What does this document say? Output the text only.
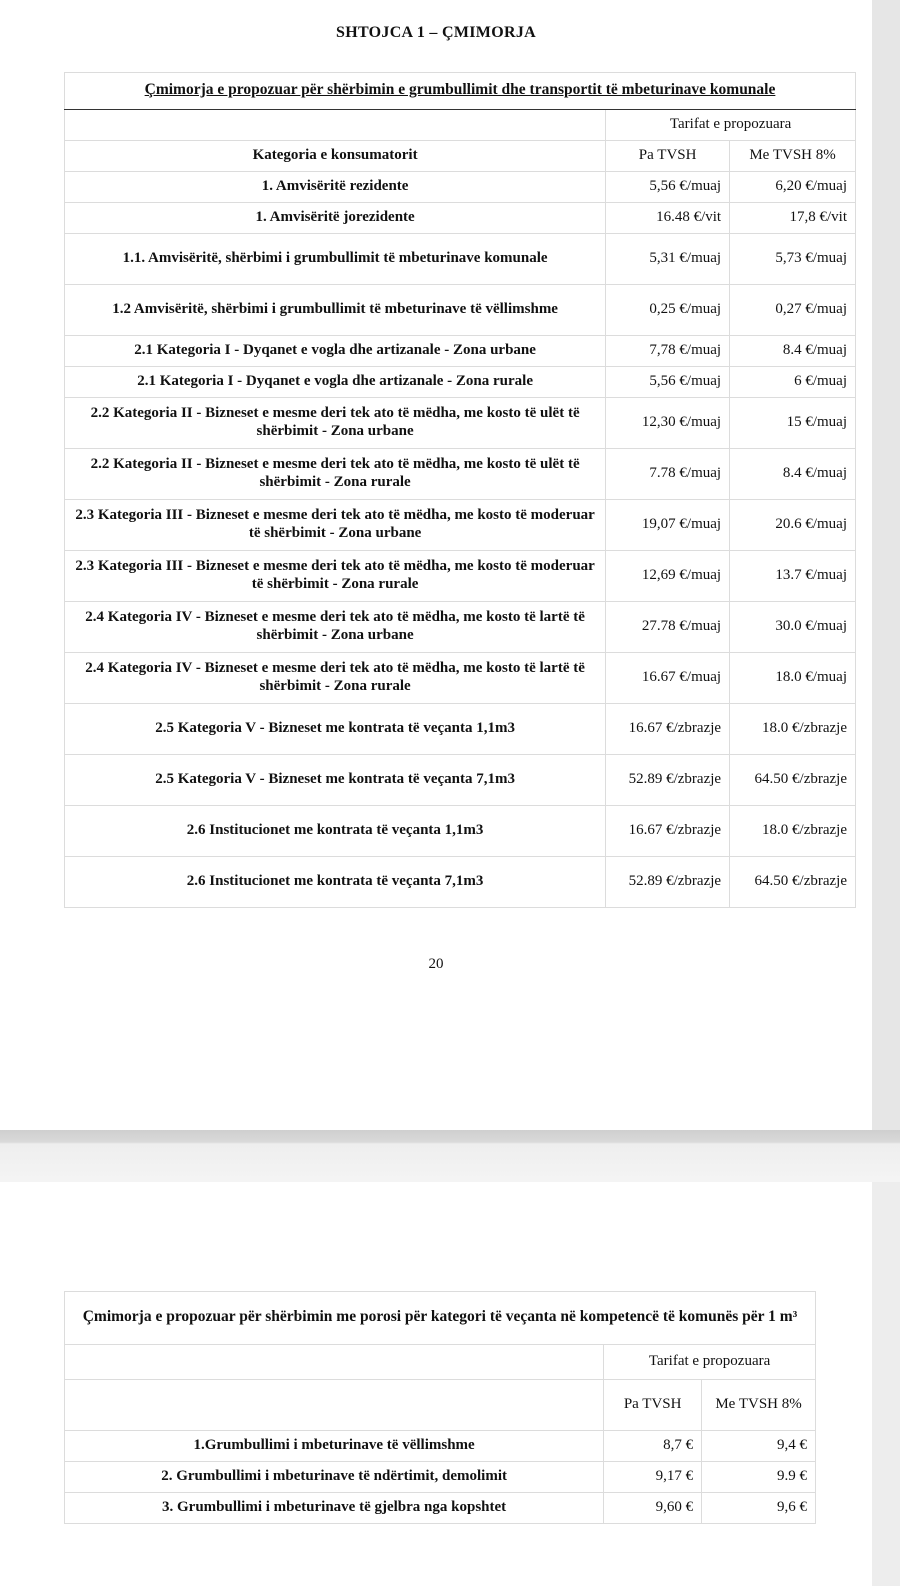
SHTOJCA 1 – ÇMIMORJA
Çmimorja e propozuar për shërbimin e grumbullimit dhe transportit të mbeturinave komunale		
	Tarifat e propozuara	
Kategoria e konsumatorit	Pa TVSH	Me TVSH 8%
1. Amvisëritë rezidente	5,56 €/muaj	6,20 €/muaj
1. Amvisëritë jorezidente	16.48 €/vit	17,8 €/vit
1.1. Amvisëritë, shërbimi i grumbullimit të mbeturinave komunale	5,31 €/muaj	5,73 €/muaj
1.2 Amvisëritë, shërbimi i grumbullimit të mbeturinave të vëllimshme	0,25 €/muaj	0,27 €/muaj
2.1 Kategoria I - Dyqanet e vogla dhe artizanale - Zona urbane	7,78 €/muaj	8.4 €/muaj
2.1 Kategoria I - Dyqanet e vogla dhe artizanale - Zona rurale	5,56 €/muaj	6 €/muaj
2.2 Kategoria II - Bizneset e mesme deri tek ato të mëdha, me kosto të ulët të shërbimit - Zona urbane	12,30 €/muaj	15 €/muaj
2.2 Kategoria II - Bizneset e mesme deri tek ato të mëdha, me kosto të ulët të shërbimit - Zona rurale	7.78 €/muaj	8.4 €/muaj
2.3 Kategoria III - Bizneset e mesme deri tek ato të mëdha, me kosto të moderuar të shërbimit - Zona urbane	19,07 €/muaj	20.6 €/muaj
2.3 Kategoria III - Bizneset e mesme deri tek ato të mëdha, me kosto të moderuar të shërbimit - Zona rurale	12,69 €/muaj	13.7 €/muaj
2.4 Kategoria IV - Bizneset e mesme deri tek ato të mëdha, me kosto të lartë të shërbimit - Zona urbane	27.78 €/muaj	30.0 €/muaj
2.4 Kategoria IV - Bizneset e mesme deri tek ato të mëdha, me kosto të lartë të shërbimit - Zona rurale	16.67 €/muaj	18.0 €/muaj
2.5 Kategoria V - Bizneset me kontrata të veçanta 1,1m3	16.67 €/zbrazje	18.0 €/zbrazje
2.5 Kategoria V - Bizneset me kontrata të veçanta 7,1m3	52.89 €/zbrazje	64.50 €/zbrazje
2.6 Institucionet me kontrata të veçanta 1,1m3	16.67 €/zbrazje	18.0 €/zbrazje
2.6 Institucionet me kontrata të veçanta 7,1m3	52.89 €/zbrazje	64.50 €/zbrazje
20
Çmimorja e propozuar për shërbimin me porosi për kategori të veçanta në kompetencë të komunës për 1 m³		
	Tarifat e propozuara	
	Pa TVSH	Me TVSH 8%
1.Grumbullimi i mbeturinave të vëllimshme	8,7 €	9,4 €
2. Grumbullimi i mbeturinave të ndërtimit, demolimit	9,17 €	9.9 €
3. Grumbullimi i mbeturinave të gjelbra nga kopshtet	9,60 €	9,6 €
